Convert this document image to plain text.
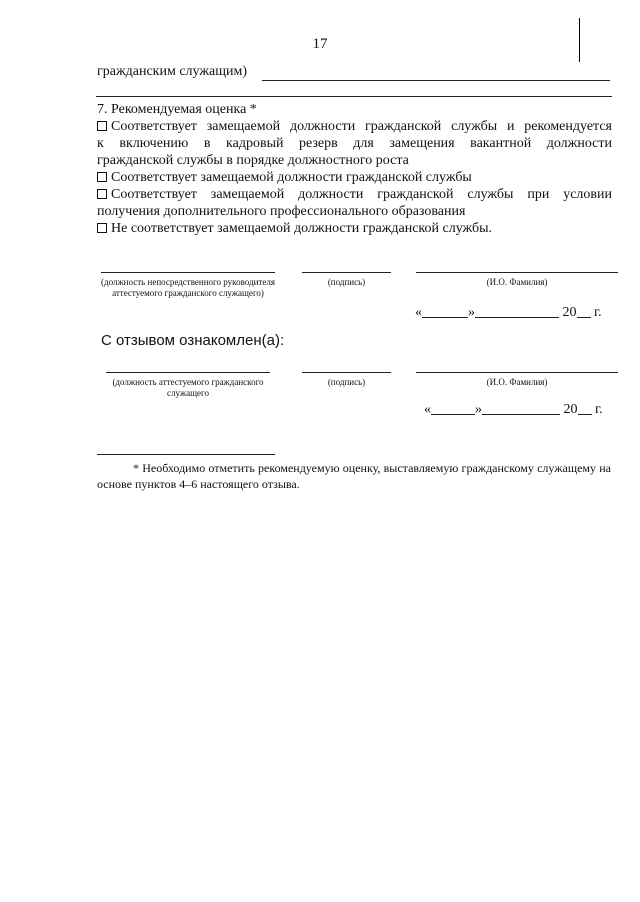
17
гражданским служащим)

7. Рекомендуемая оценка *

Соответствует замещаемой должности гражданской службы и рекомендуется
к включению в кадровый резерв для замещения вакантной должности
гражданской службы в порядке должностного роста
Соответствует замещаемой должности гражданской службы
Соответствует замещаемой должности гражданской службы при условии
получения дополнительного профессионального образования
Не соответствует замещаемой должности гражданской службы.
(должность непосредственного руководителя аттестуемого гражданского служащего)
(подпись)	(И.О. Фамилия)
«	»	20 г.
С отзывом ознакомлен(а):
(должность аттестуемого гражданского служащего
(подпись)	(И.О. Фамилия)
«	»	20 г.
* Необходимо отметить рекомендуемую оценку, выставляемую гражданскому служащему на основе пунктов 4–6 настоящего отзыва.
